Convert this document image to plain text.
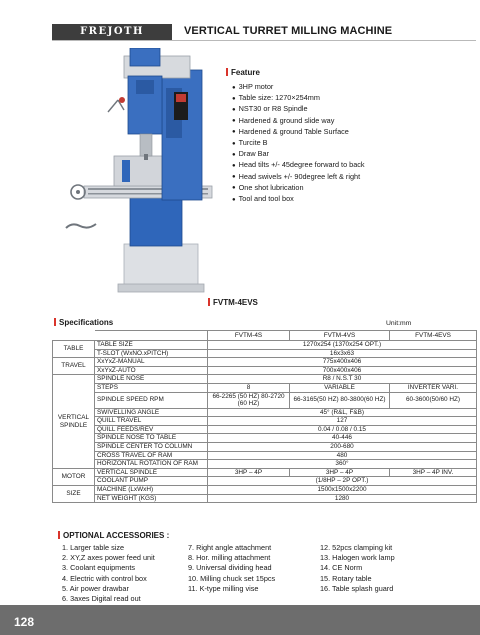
FREJOTH	VERTICAL TURRET MILLING MACHINE
Feature
● 3HP motor
● Table size: 1270×254mm
● NST30 or R8 Spindle
● Hardened & ground slide way
● Hardened & ground Table Surface
● Turcite B
● Draw Bar
● Head tilts +/- 45degree forward to back
● Head swivels +/- 90degree left & right
● One shot lubrication
● Tool and tool box
FVTM-4EVS
Specifications	Unit:mm
		FVTM-4S	FVTM-4VS	FVTM-4EVS
TABLE	TABLE SIZE	1270x254 (1370x254 OPT.)		
	T-SLOT (WxNO.xPITCH)	16x3x63		
TRAVEL	XxYxZ-MANUAL	775x400x406		
	XxYxZ-AUTO	700x400x406		
VERTICAL SPINDLE	SPINDLE NOSE	R8 / N.S.T 30		
	STEPS	8	VARIABLE	INVERTER VARI.
	SPINDLE SPEED RPM	66-2265 (50 HZ) 80-2720 (60 HZ)	66-3165(50 HZ) 80-3800(60 HZ)	60-3600(50/60 HZ)
	SWIVELLING ANGLE	45° (R&L, F&B)		
	QUILL TRAVEL	127		
	QUILL FEEDS/REV	0.04 / 0.08 / 0.15		
	SPINDLE NOSE TO TABLE	40-446		
	SPINDLE CENTER TO COLUMN	200-680		
	CROSS TRAVEL OF RAM	480		
	HORIZONTAL ROTATION OF RAM	360°		
MOTOR	VERTICAL SPINDLE	3HP – 4P	3HP – 4P	3HP – 4P INV.
	COOLANT PUMP	(1/8HP – 2P OPT.)		
SIZE	MACHINE (LxWxH)	1500x1500x2200		
	NET WEIGHT (KGS)	1280		
OPTIONAL ACCESSORIES :
1. Larger table size
2. XY,Z axes power feed unit
3. Coolant equipments
4. Electric with control box
5. Air power drawbar
6. 3axes Digital read out
7. Right angle attachment
8. Hor. milling attachment
9. Universal dividing head
10. Milling chuck set 15pcs
11. K-type milling vise
12. 52pcs clamping kit
13. Halogen work lamp
14. CE Norm
15. Rotary table
16. Table splash guard
128
